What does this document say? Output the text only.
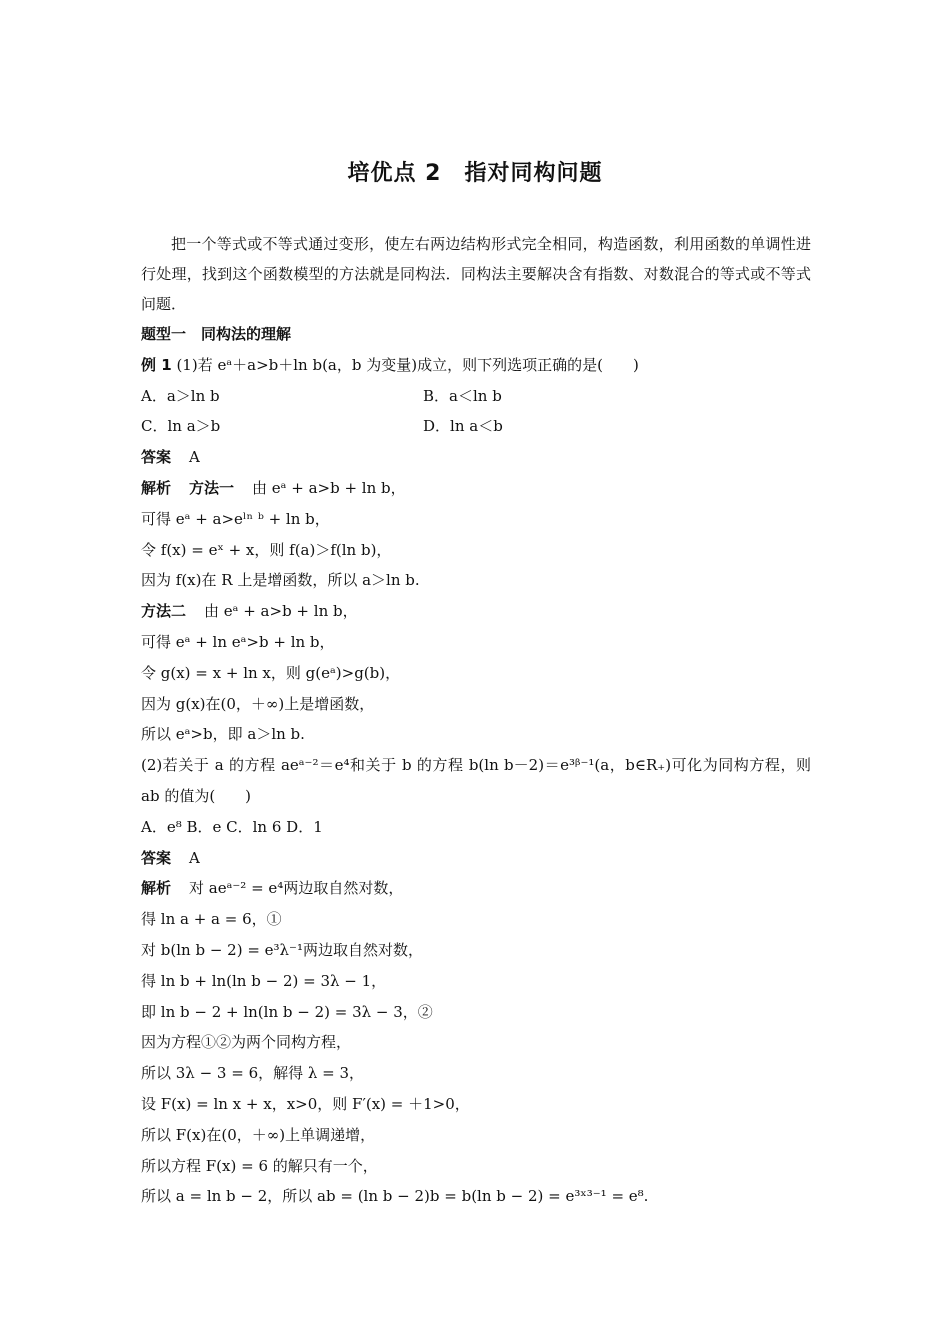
培优点 2　指对同构问题
把一个等式或不等式通过变形，使左右两边结构形式完全相同，构造函数，利用函数的单调性进行处理，找到这个函数模型的方法就是同构法．同构法主要解决含有指数、对数混合的等式或不等式问题．
题型一　同构法的理解
例 1 (1)若 eᵃ＋a>b＋ln b(a，b 为变量)成立，则下列选项正确的是(　　)
A．a＞ln b	B．a＜ln b
C．ln a＞b	D．ln a＜b
答案 A
解析 方法一 由 eᵃ + a>b + ln b，
可得 eᵃ + a>eˡⁿ ᵇ + ln b，
令 f(x) = eˣ + x，则 f(a)＞f(ln b)，
因为 f(x)在 R 上是增函数，所以 a＞ln b.
方法二 由 eᵃ + a>b + ln b，
可得 eᵃ + ln eᵃ>b + ln b，
令 g(x) = x + ln x，则 g(eᵃ)>g(b)，
因为 g(x)在(0，＋∞)上是增函数，
所以 eᵃ>b，即 a＞ln b.
(2)若关于 a 的方程 aeᵃ⁻²＝e⁴和关于 b 的方程 b(ln b－2)＝e³ᵝ⁻¹(a，b∈R₊)可化为同构方程，则 ab 的值为(　　)
A．e⁸ B．e C．ln 6 D．1
答案 A
解析 对 aeᵃ⁻² = e⁴两边取自然对数，
得 ln a + a = 6，①
对 b(ln b − 2) = e³λ⁻¹两边取自然对数，
得 ln b + ln(ln b − 2) = 3λ − 1，
即 ln b − 2 + ln(ln b − 2) = 3λ − 3，②
因为方程①②为两个同构方程，
所以 3λ − 3 = 6，解得 λ = 3，
设 F(x) = ln x + x，x>0，则 F′(x) = ＋1>0，
所以 F(x)在(0，＋∞)上单调递增，
所以方程 F(x) = 6 的解只有一个，
所以 a = ln b − 2，所以 ab = (ln b − 2)b = b(ln b − 2) = e³ˣ³⁻¹ = e⁸.
